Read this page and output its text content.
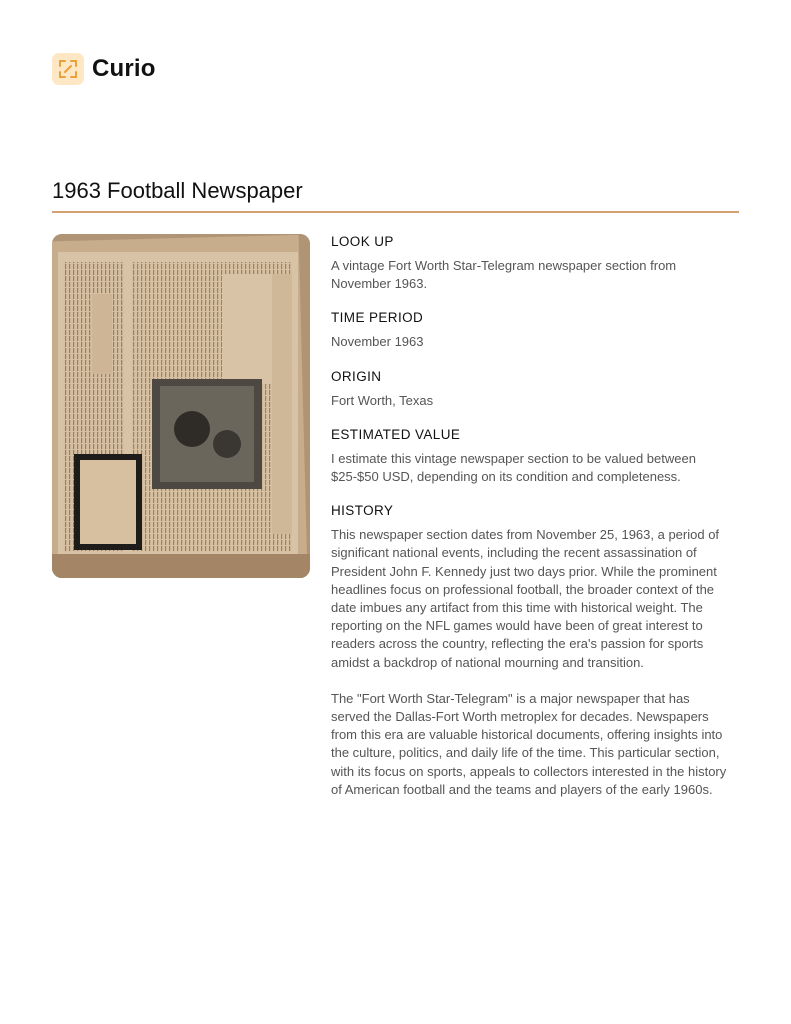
Curio
1963 Football Newspaper
LOOK UP

A vintage Fort Worth Star-Telegram newspaper section from November 1963.

TIME PERIOD

November 1963

ORIGIN

Fort Worth, Texas

ESTIMATED VALUE

I estimate this vintage newspaper section to be valued between $25-$50 USD, depending on its condition and completeness.

HISTORY

This newspaper section dates from November 25, 1963, a period of significant national events, including the recent assassination of President John F. Kennedy just two days prior. While the prominent headlines focus on professional football, the broader context of the date imbues any artifact from this time with historical weight. The reporting on the NFL games would have been of great interest to readers across the country, reflecting the era's passion for sports amidst a backdrop of national mourning and transition.

The "Fort Worth Star-Telegram" is a major newspaper that has served the Dallas-Fort Worth metroplex for decades. Newspapers from this era are valuable historical documents, offering insights into the culture, politics, and daily life of the time. This particular section, with its focus on sports, appeals to collectors interested in the history of American football and the teams and players of the early 1960s.
